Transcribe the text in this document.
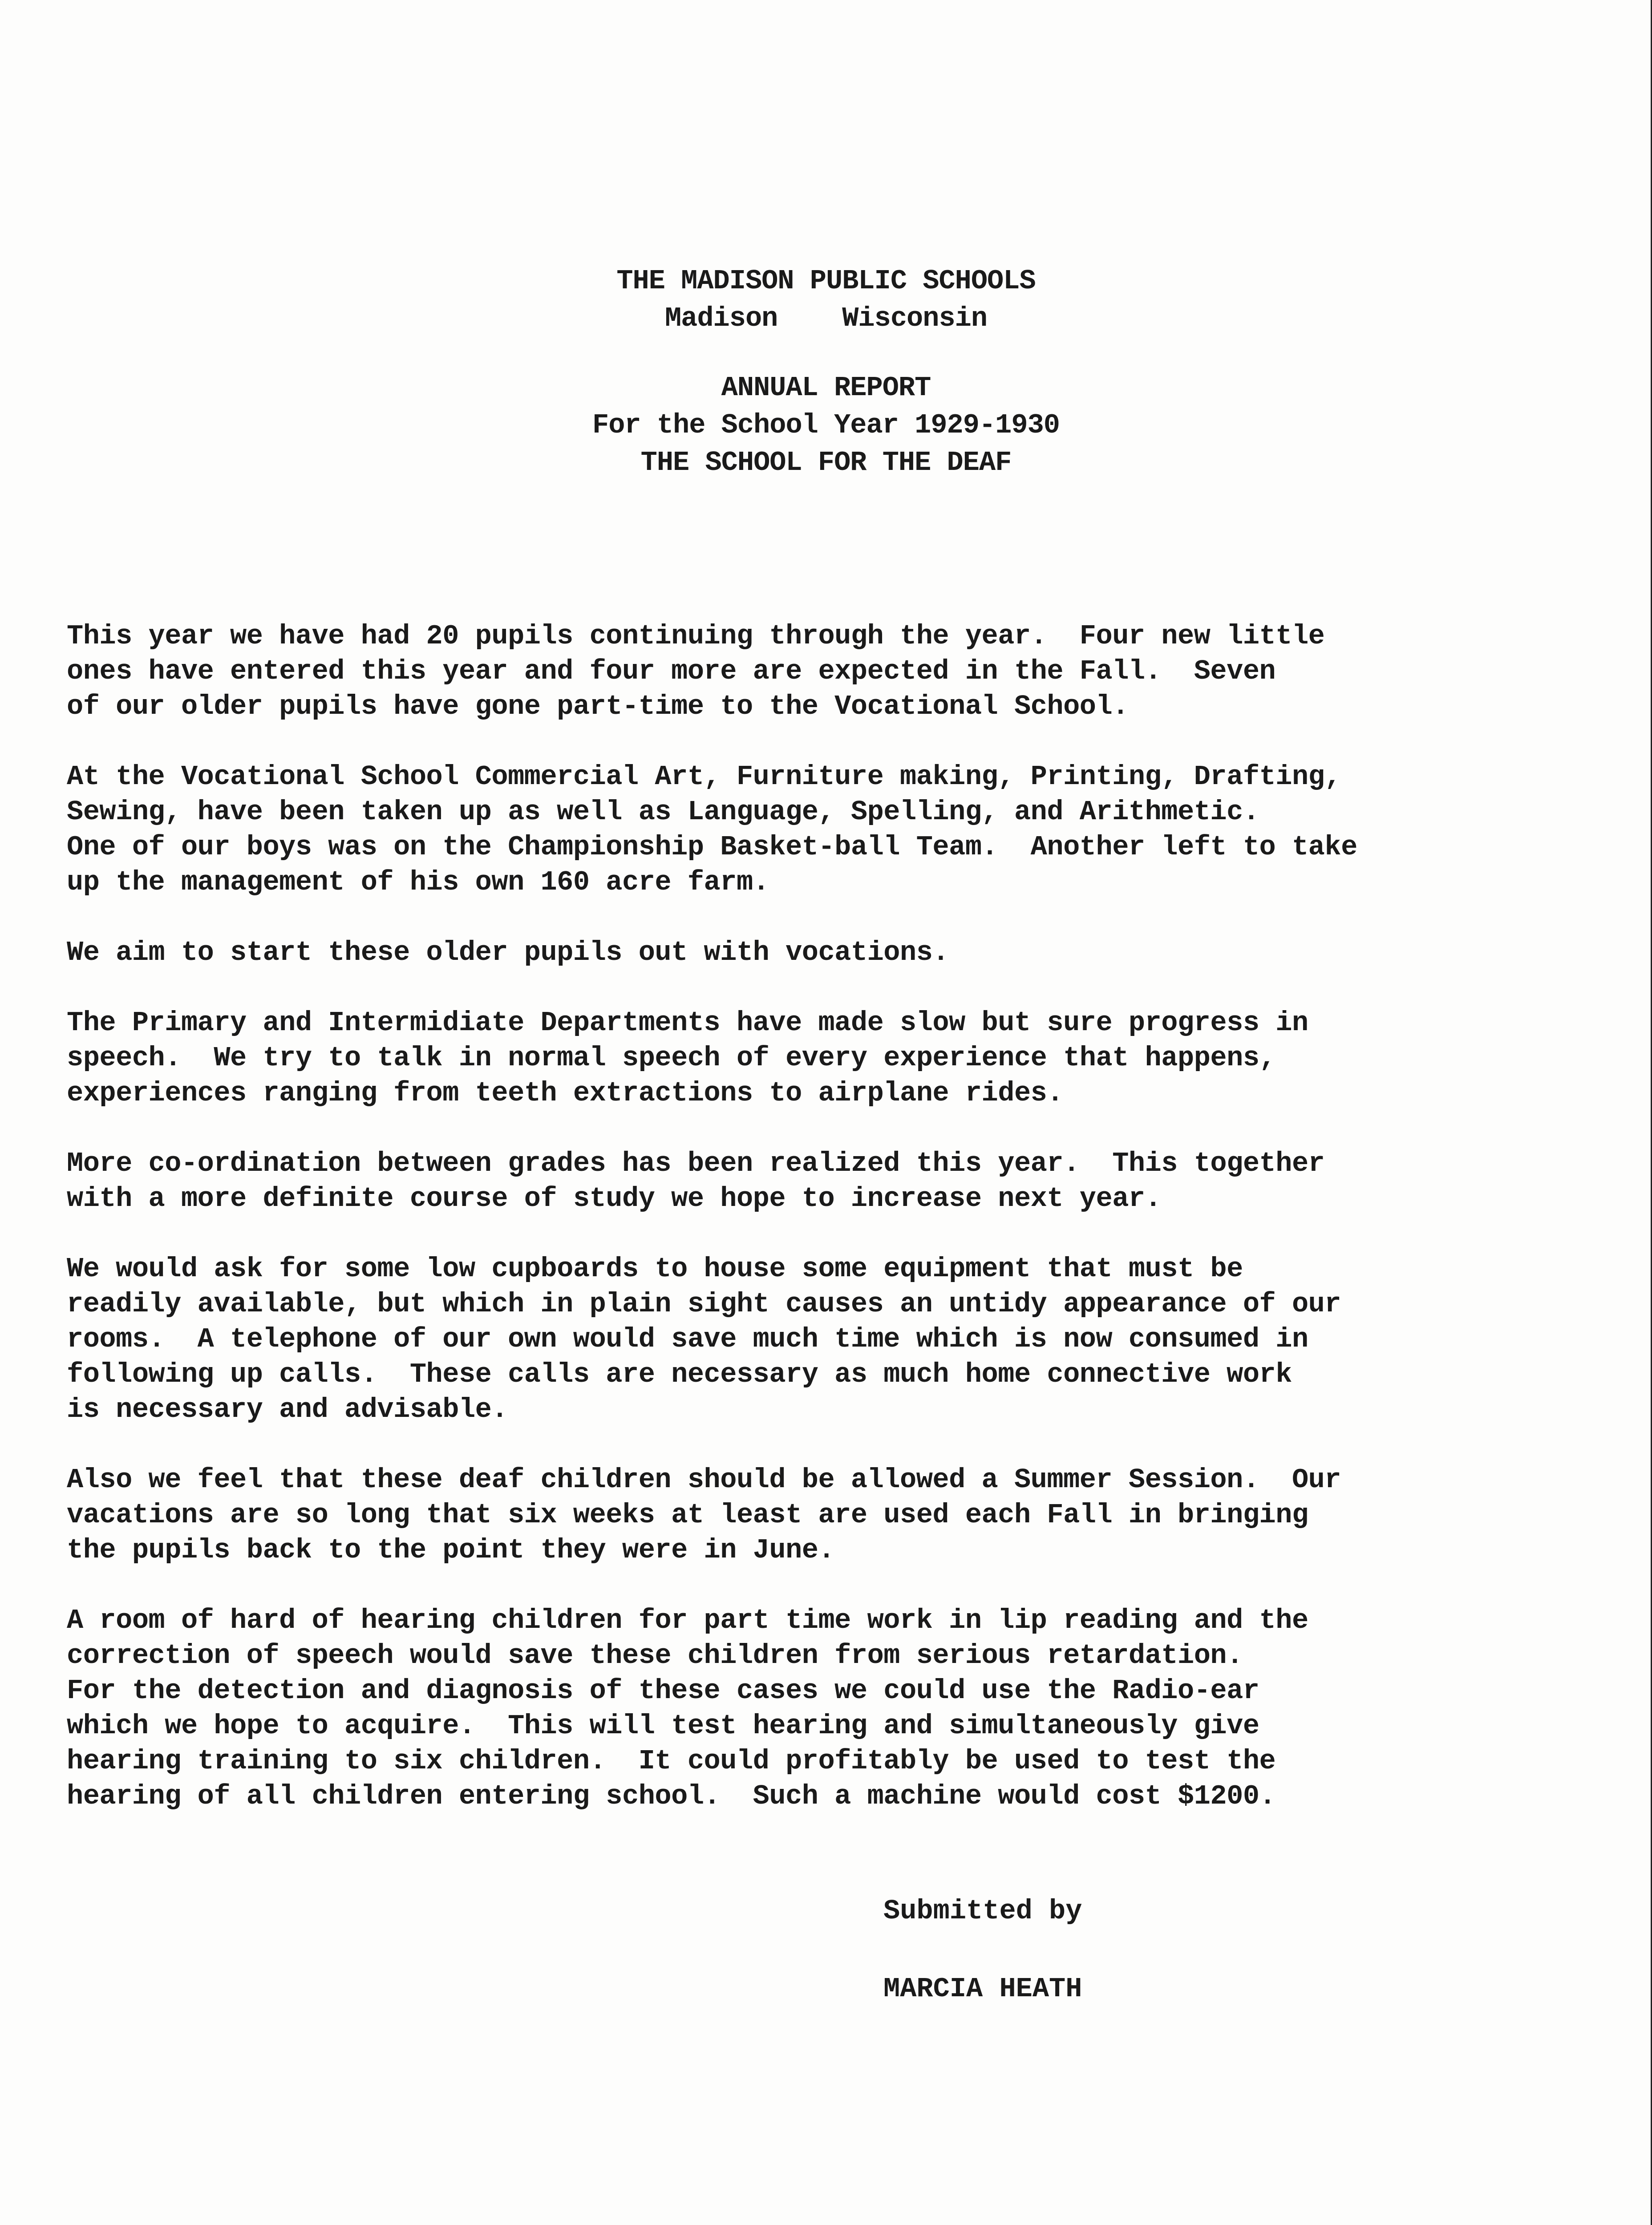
THE MADISON PUBLIC SCHOOLS
Madison    Wisconsin
ANNUAL REPORT
For the School Year 1929-1930
THE SCHOOL FOR THE DEAF
This year we have had 20 pupils continuing through the year.  Four new little
ones have entered this year and four more are expected in the Fall.  Seven
of our older pupils have gone part-time to the Vocational School.
At the Vocational School Commercial Art, Furniture making, Printing, Drafting,
Sewing, have been taken up as well as Language, Spelling, and Arithmetic.
One of our boys was on the Championship Basket-ball Team.  Another left to take
up the management of his own 160 acre farm.
We aim to start these older pupils out with vocations.
The Primary and Intermidiate Departments have made slow but sure progress in
speech.  We try to talk in normal speech of every experience that happens,
experiences ranging from teeth extractions to airplane rides.
More co-ordination between grades has been realized this year.  This together
with a more definite course of study we hope to increase next year.
We would ask for some low cupboards to house some equipment that must be
readily available, but which in plain sight causes an untidy appearance of our
rooms.  A telephone of our own would save much time which is now consumed in
following up calls.  These calls are necessary as much home connective work
is necessary and advisable.
Also we feel that these deaf children should be allowed a Summer Session.  Our
vacations are so long that six weeks at least are used each Fall in bringing
the pupils back to the point they were in June.
A room of hard of hearing children for part time work in lip reading and the
correction of speech would save these children from serious retardation.
For the detection and diagnosis of these cases we could use the Radio-ear
which we hope to acquire.  This will test hearing and simultaneously give
hearing training to six children.  It could profitably be used to test the
hearing of all children entering school.  Such a machine would cost $1200.
Submitted by
MARCIA HEATH
